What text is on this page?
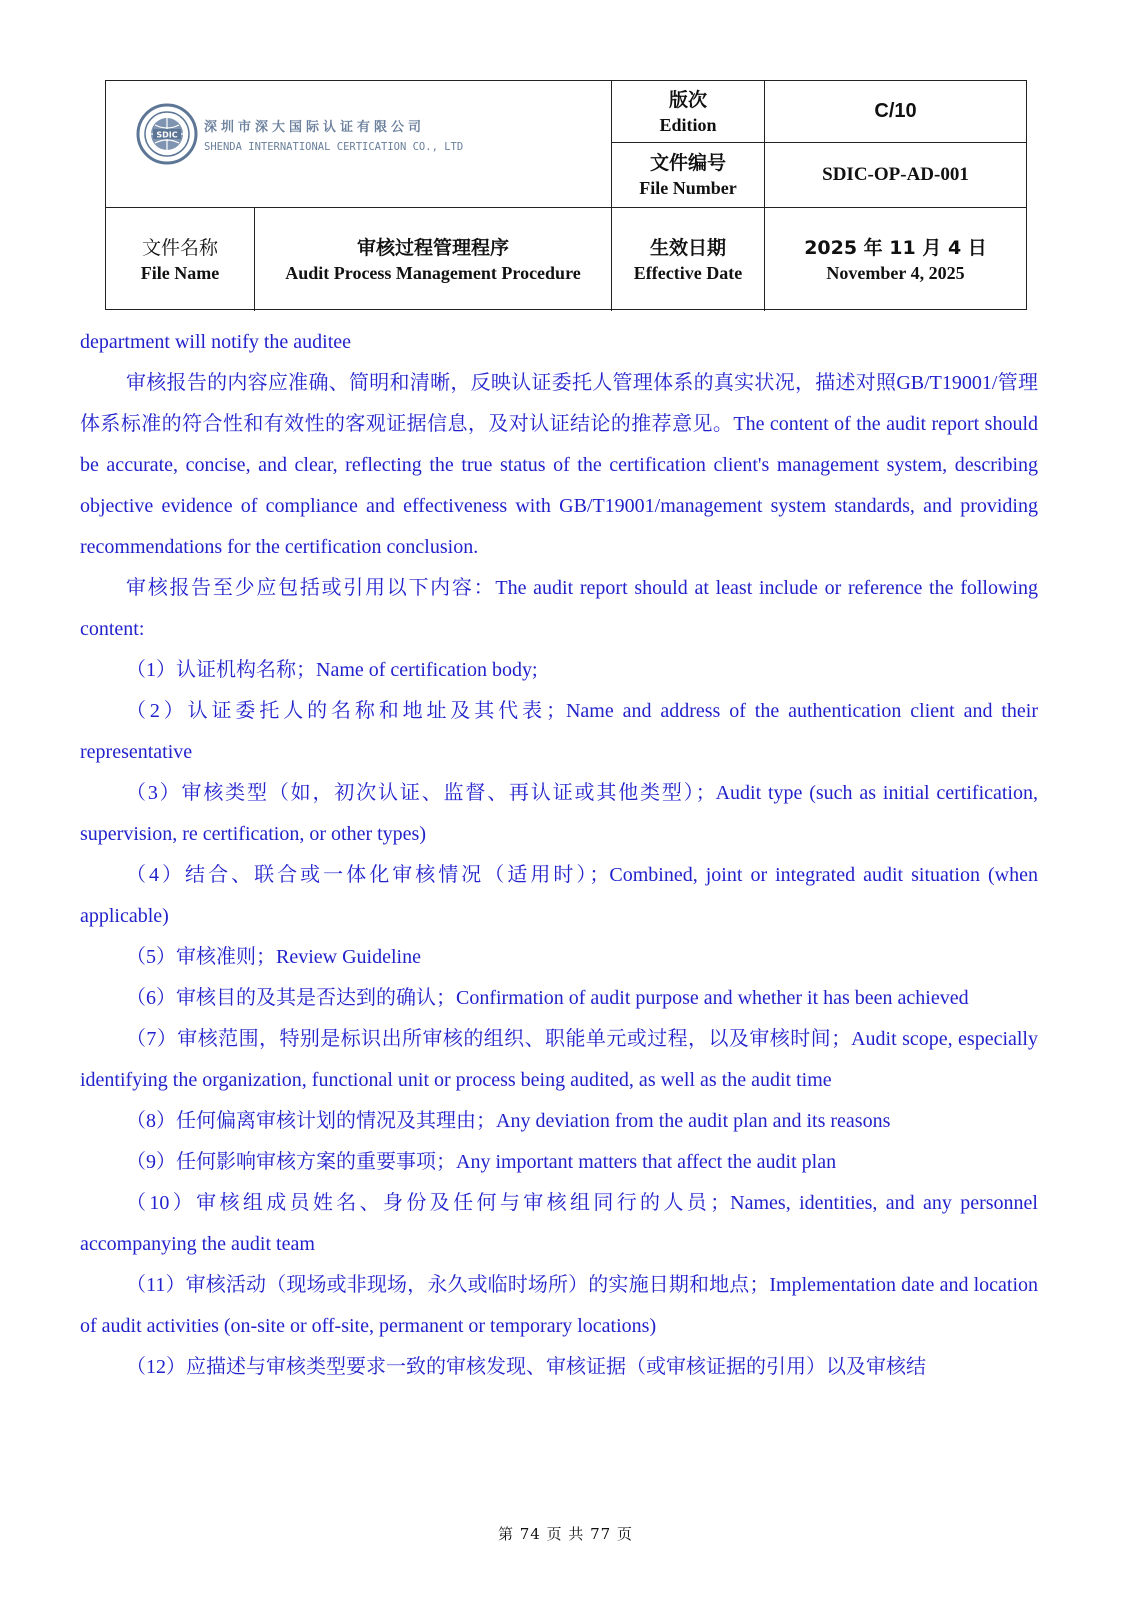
SDIC
深圳市深大国际认证有限公司
SHENDA INTERNATIONAL CERTICATION CO., LTD
版次
Edition
C/10
文件编号
File Number
SDIC-OP-AD-001
文件名称
File Name
审核过程管理程序
Audit Process Management Procedure
生效日期
Effective Date
2025 年 11 月 4 日
November 4, 2025

department will notify the auditee

审核报告的内容应准确、简明和清晰，反映认证委托人管理体系的真实状况，描述对照GB/T19001/管理体系标准的符合性和有效性的客观证据信息，及对认证结论的推荐意见。The content of the audit report should be accurate, concise, and clear, reflecting the true status of the certification client's management system, describing objective evidence of compliance and effectiveness with GB/T19001/management system standards, and providing recommendations for the certification conclusion.

审核报告至少应包括或引用以下内容：The audit report should at least include or reference the following content:

（1）认证机构名称；Name of certification body;

（2）认证委托人的名称和地址及其代表；Name and address of the authentication client and their representative

（3）审核类型（如，初次认证、监督、再认证或其他类型）；Audit type (such as initial certification, supervision, re certification, or other types)

（4）结合、联合或一体化审核情况（适用时）；Combined, joint or integrated audit situation (when applicable)

（5）审核准则；Review Guideline

（6）审核目的及其是否达到的确认；Confirmation of audit purpose and whether it has been achieved

（7）审核范围，特别是标识出所审核的组织、职能单元或过程，以及审核时间；Audit scope, especially identifying the organization, functional unit or process being audited, as well as the audit time

（8）任何偏离审核计划的情况及其理由；Any deviation from the audit plan and its reasons

（9）任何影响审核方案的重要事项；Any important matters that affect the audit plan

（10）审核组成员姓名、身份及任何与审核组同行的人员；Names, identities, and any personnel accompanying the audit team

（11）审核活动（现场或非现场，永久或临时场所）的实施日期和地点；Implementation date and location of audit activities (on-site or off-site, permanent or temporary locations)

（12）应描述与审核类型要求一致的审核发现、审核证据（或审核证据的引用）以及审核结

第 74 页 共 77 页
